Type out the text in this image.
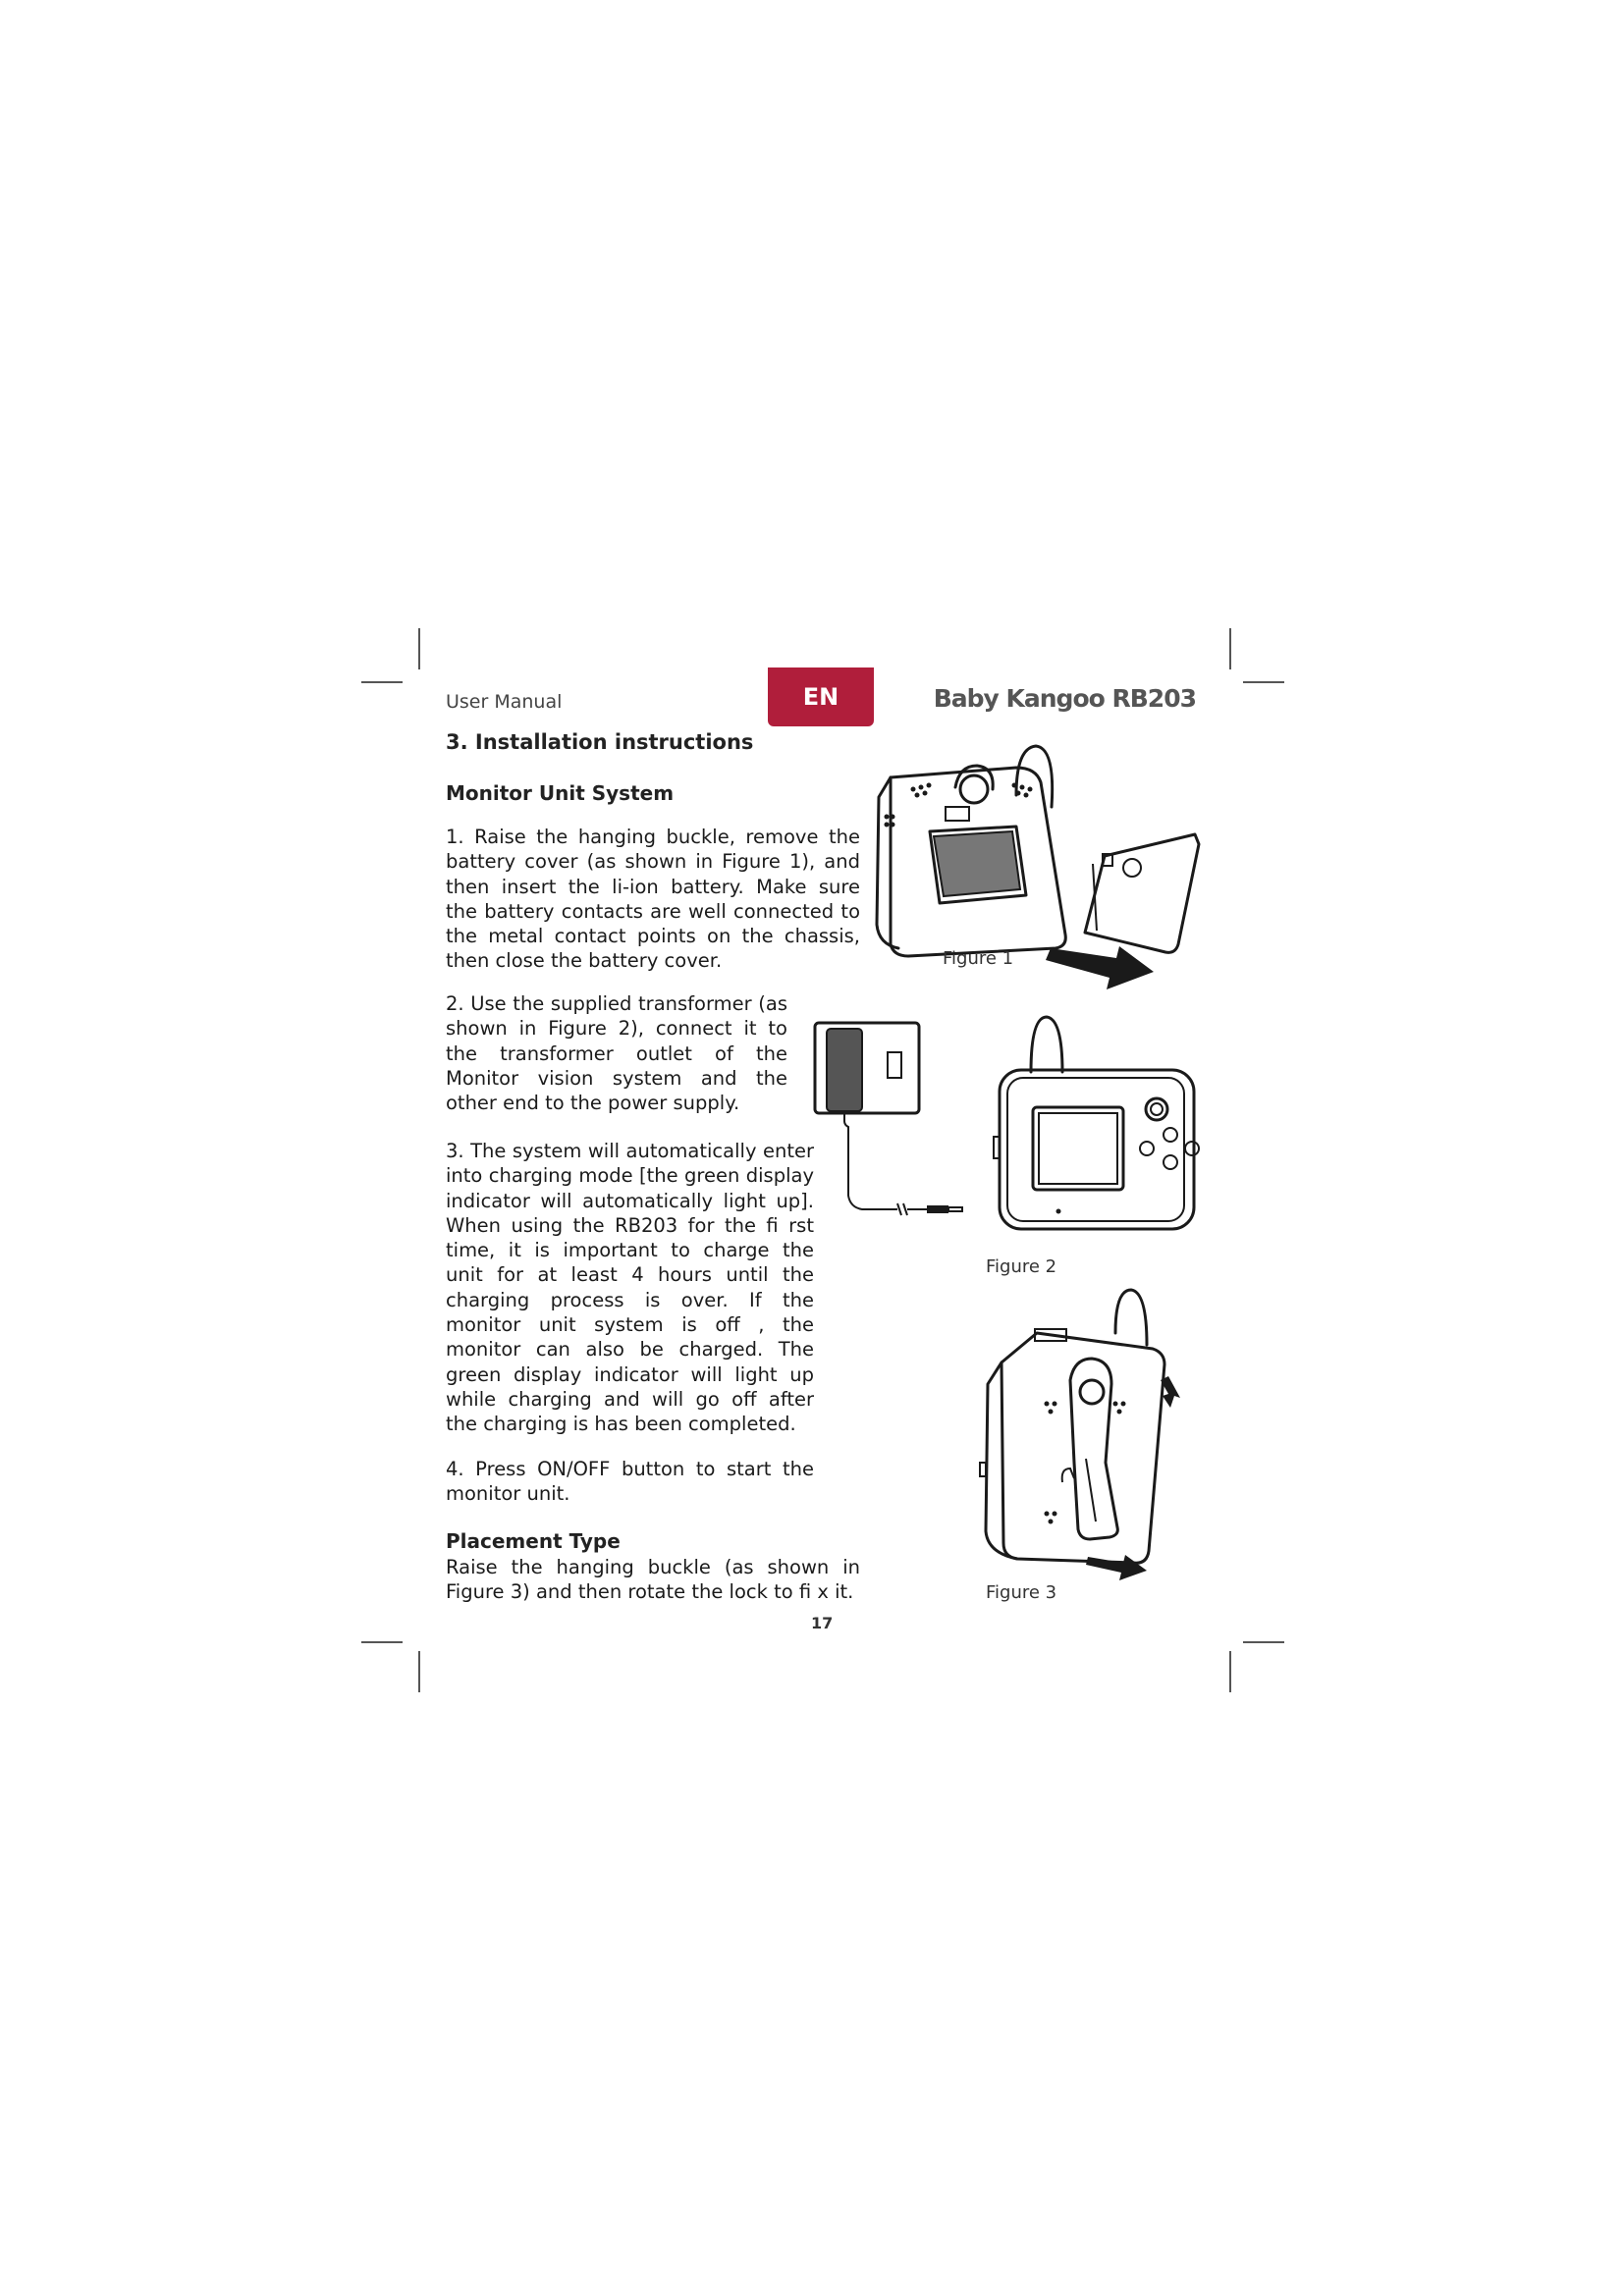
User Manual	EN	Baby Kangoo RB203
3. Installation instructions
Monitor Unit System

1. Raise the hanging buckle, remove the battery cover (as shown in Figure 1), and then insert the li-ion battery. Make sure the battery contacts are well connected to the metal contact points on the chassis, then close the battery cover.

2. Use the supplied transformer (as shown in Figure 2), connect it to the transformer outlet of the Monitor vision system and the other end to the power supply.

3. The system will automatically enter into charging mode [the green display indicator will automatically light up]. When using the RB203 for the fi rst time, it is important to charge the unit for at least 4 hours until the charging process is over. If the monitor unit system is off , the monitor can also be charged. The green display indicator will light up while charging and will go off after the charging is has been completed.

4. Press ON/OFF button to start the monitor unit.

Placement Type

Raise the hanging buckle (as shown in Figure 3) and then rotate the lock to fi x it.

Figure 1
Figure 2
Figure 3
17
